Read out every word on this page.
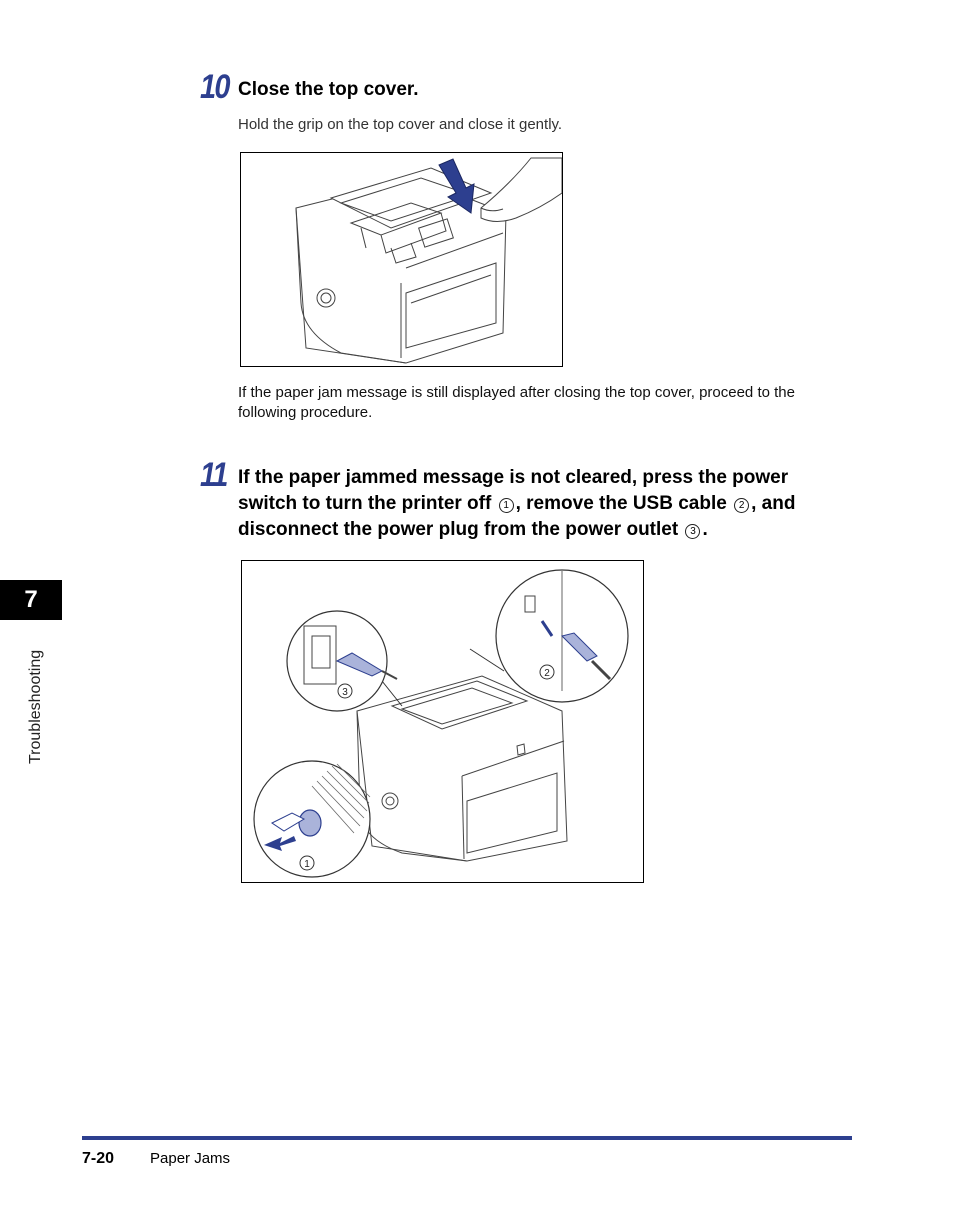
10 Close the top cover.
Hold the grip on the top cover and close it gently.
If the paper jam message is still displayed after closing the top cover, proceed to the following procedure.
11 If the paper jammed message is not cleared, press the power switch to turn the printer off 1 , remove the USB cable 2 , and disconnect the power plug from the power outlet 3 .
1
3
2
7
Troubleshooting
7-20 Paper Jams
